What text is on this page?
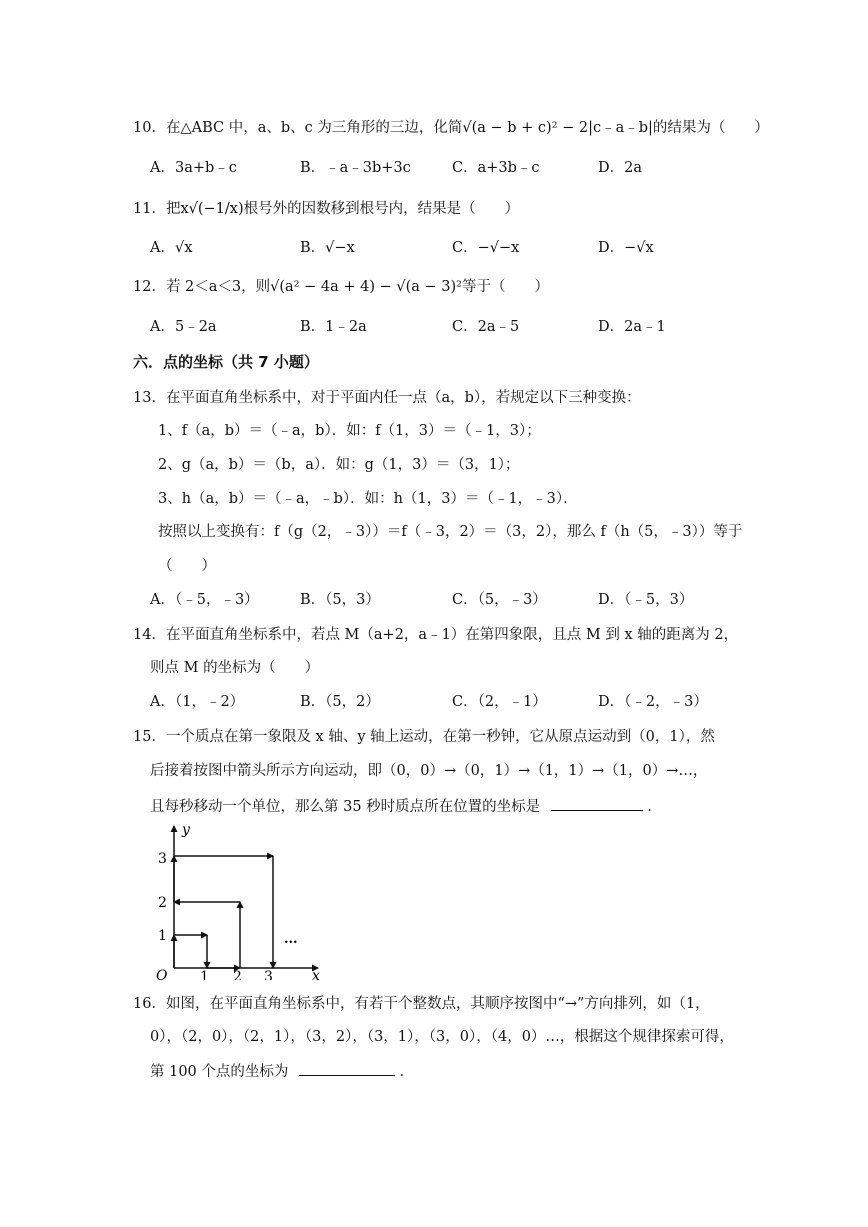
10．在△ABC 中，a、b、c 为三角形的三边，化简√(a − b + c)² − 2|c﹣a﹣b|的结果为（　　）
A．3a+b﹣c	B．﹣a﹣3b+3c	C．a+3b﹣c	D．2a
11．把x√(−1/x)根号外的因数移到根号内，结果是（　　）
A．√x	B．√−x	C．−√−x	D．−√x
12．若 2＜a＜3，则√(a² − 4a + 4) − √(a − 3)²等于（　　）
A．5﹣2a	B．1﹣2a	C．2a﹣5	D．2a﹣1
六．点的坐标（共 7 小题）
13．在平面直角坐标系中，对于平面内任一点（a，b），若规定以下三种变换：
1、f（a，b）＝（﹣a，b）．如：f（1，3）＝（﹣1，3）；
2、g（a，b）＝（b，a）．如：g（1，3）＝（3，1）；
3、h（a，b）＝（﹣a，﹣b）．如：h（1，3）＝（﹣1，﹣3）．
按照以上变换有：f（g（2，﹣3））＝f（﹣3，2）＝（3，2），那么 f（h（5，﹣3））等于
（　　）
A．（﹣5，﹣3）	B．（5，3）	C．（5，﹣3）	D．（﹣5，3）
14．在平面直角坐标系中，若点 M（a+2，a﹣1）在第四象限，且点 M 到 x 轴的距离为 2，
则点 M 的坐标为（　　）
A．（1，﹣2）	B．（5，2）	C．（2，﹣1）	D．（﹣2，﹣3）
15．一个质点在第一象限及 x 轴、y 轴上运动，在第一秒钟，它从原点运动到（0，1），然
后接着按图中箭头所示方向运动，即（0，0）→（0，1）→（1，1）→（1，0）→…，
且每秒移动一个单位，那么第 35 秒时质点所在位置的坐标是	．
y
x
O 1 2 3
1
2
3
...
16．如图，在平面直角坐标系中，有若干个整数点，其顺序按图中“→”方向排列，如（1，
0），（2，0），（2，1），（3，2），（3，1），（3，0），（4，0）…，根据这个规律探索可得，
第 100 个点的坐标为	．
